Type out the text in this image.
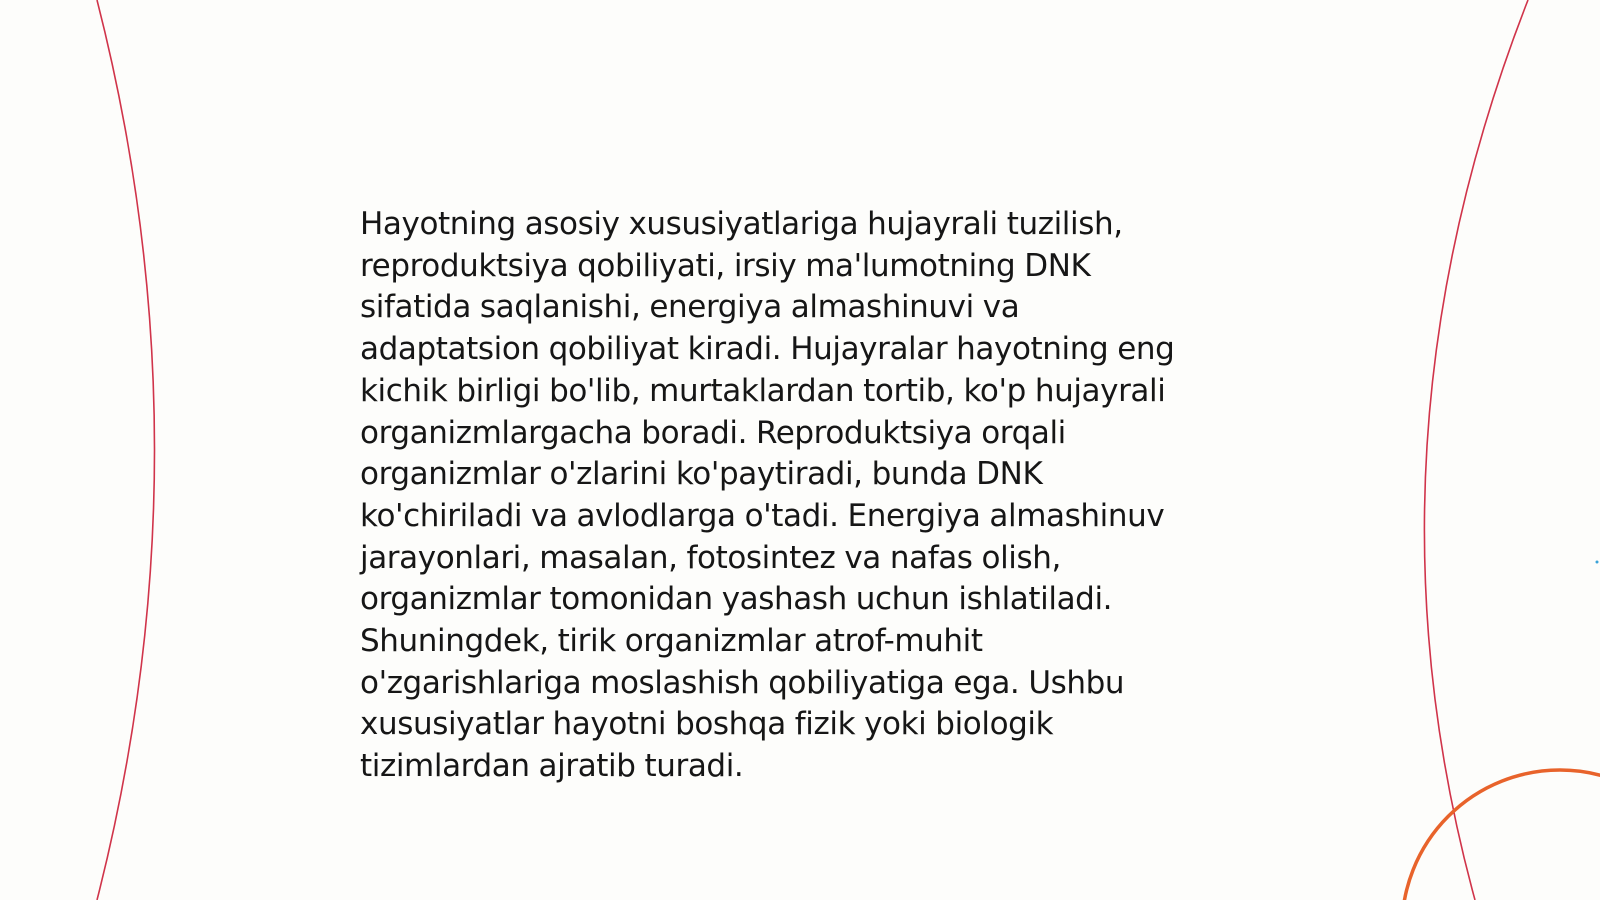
Hayotning asosiy xususiyatlariga hujayrali tuzilish,
reproduktsiya qobiliyati, irsiy ma'lumotning DNK
sifatida saqlanishi, energiya almashinuvi va
adaptatsion qobiliyat kiradi. Hujayralar hayotning eng
kichik birligi bo'lib, murtaklardan tortib, ko'p hujayrali
organizmlargacha boradi. Reproduktsiya orqali
organizmlar o'zlarini ko'paytiradi, bunda DNK
ko'chiriladi va avlodlarga o'tadi. Energiya almashinuv
jarayonlari, masalan, fotosintez va nafas olish,
organizmlar tomonidan yashash uchun ishlatiladi.
Shuningdek, tirik organizmlar atrof-muhit
o'zgarishlariga moslashish qobiliyatiga ega. Ushbu
xususiyatlar hayotni boshqa fizik yoki biologik
tizimlardan ajratib turadi.
